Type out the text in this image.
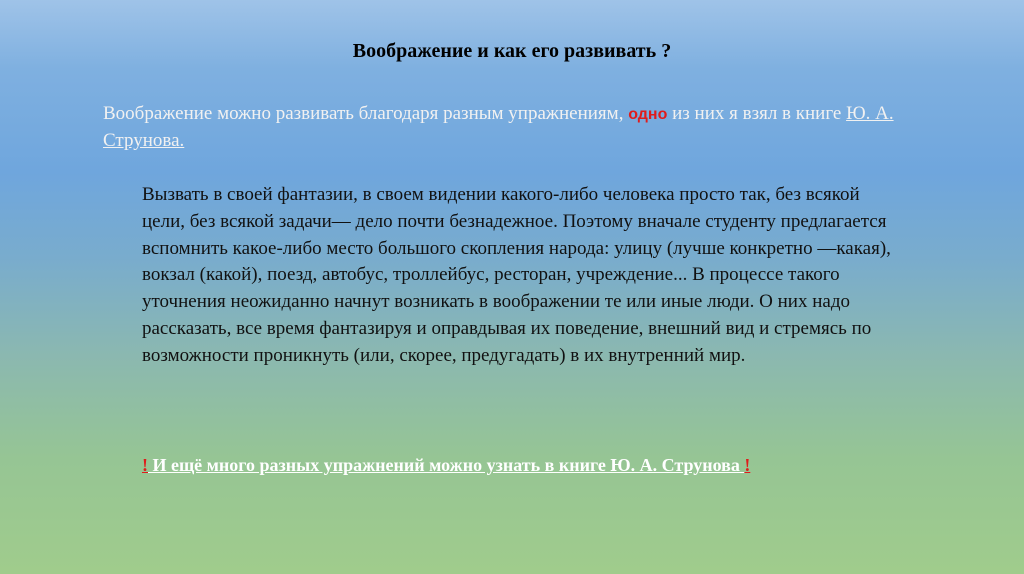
Воображение и как его развивать ?
Воображение можно развивать благодаря разным упражнениям, одно из них я взял в книге Ю. А. Струнова.
Вызвать в своей фантазии, в своем видении какого-либо человека просто так, без всякой цели, без всякой задачи— дело почти безнадежное. Поэтому вначале студенту предлагается вспомнить какое-либо место большого скопления народа: улицу (лучше конкретно —какая), вокзал (какой), поезд, автобус, троллейбус, ресторан, учреждение... В процессе такого уточнения неожиданно начнут возникать в воображении те или иные люди. О них надо рассказать, все время фантазируя и оправдывая их поведение, внешний вид и стремясь по возможности проникнуть (или, скорее, предугадать) в их внутренний мир.
! И ещё много разных упражнений можно узнать в книге Ю. А. Струнова !
